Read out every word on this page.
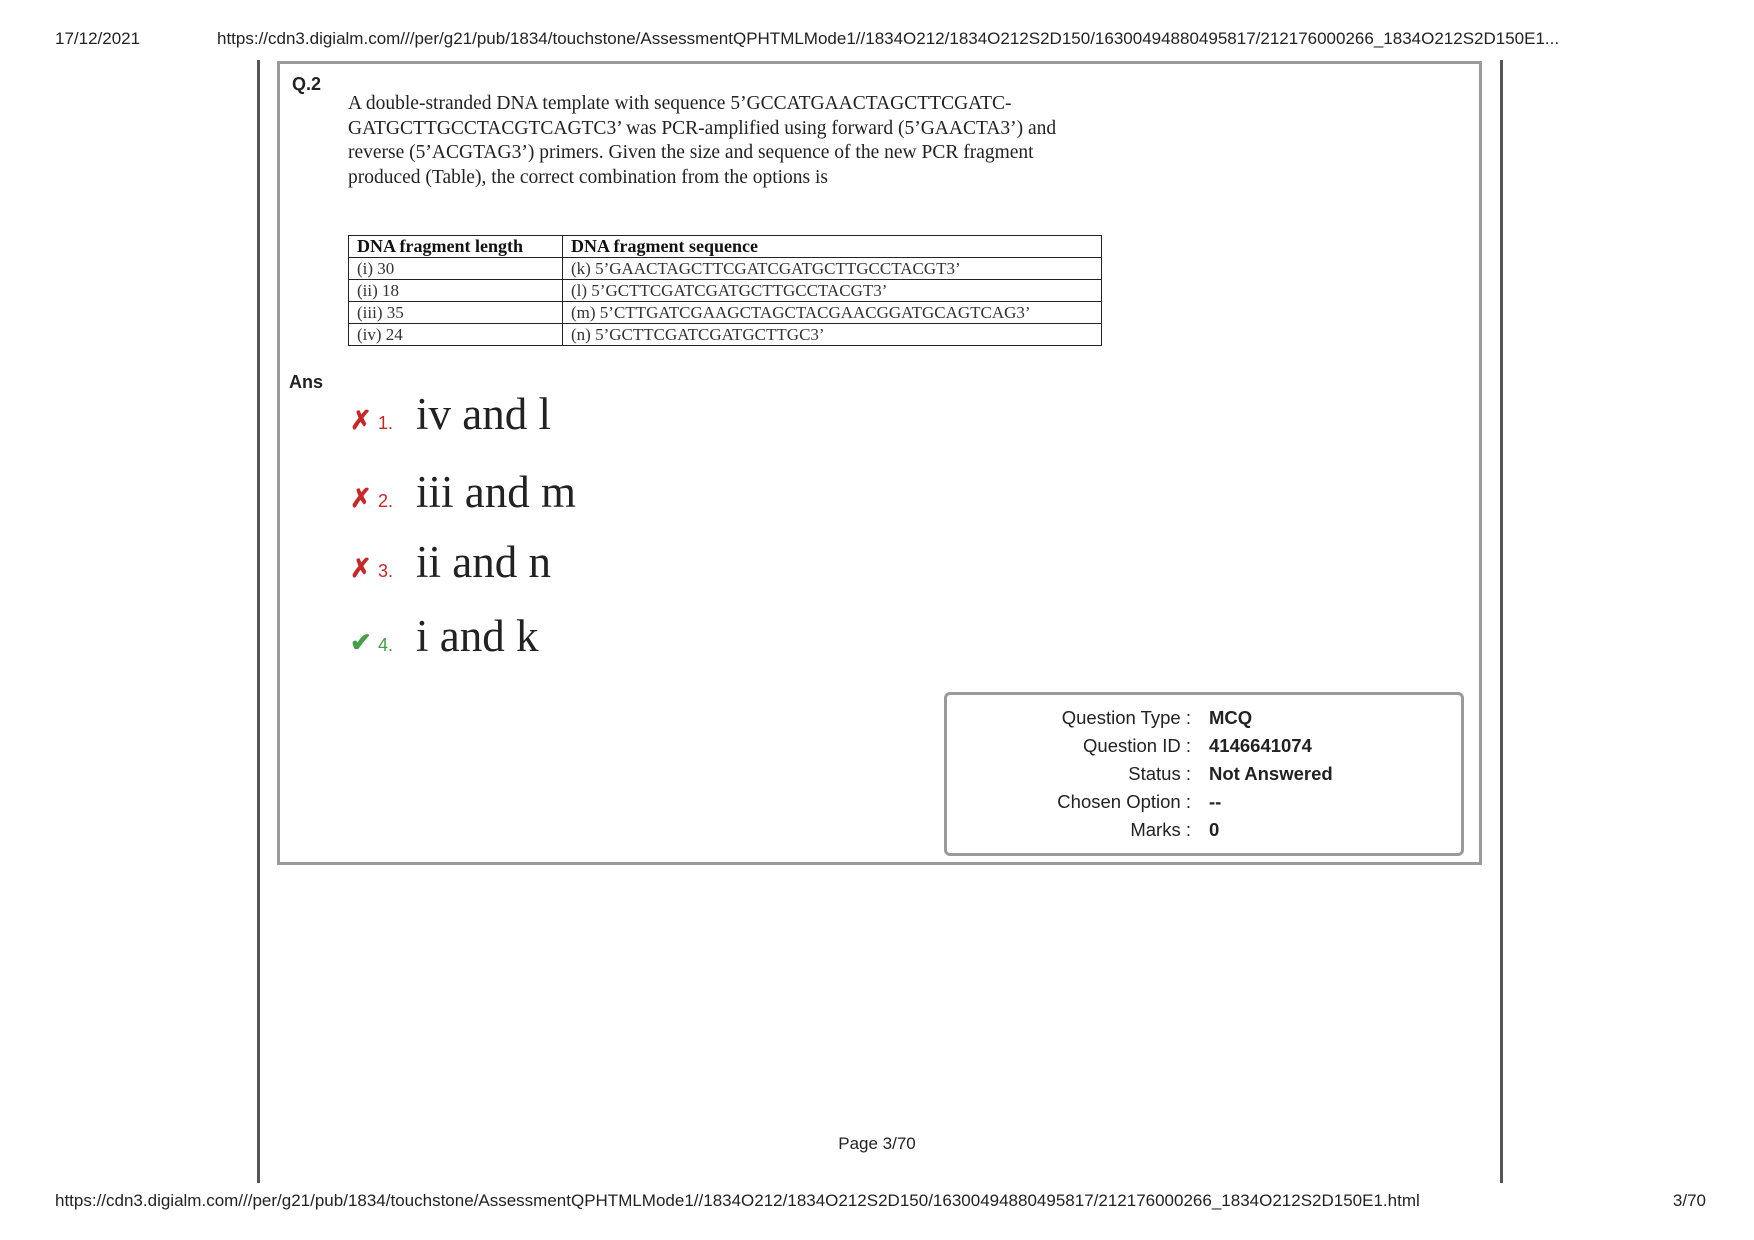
17/12/2021	https://cdn3.digialm.com///per/g21/pub/1834/touchstone/AssessmentQPHTMLMode1//1834O212/1834O212S2D150/16300494880495817/212176000266_1834O212S2D150E1...
Q.2
A double-stranded DNA template with sequence 5’GCCATGAACTAGCTTCGATC-GATGCTTGCCTACGTCAGTC3’ was PCR-amplified using forward (5’GAACTA3’) and reverse (5’ACGTAG3’) primers. Given the size and sequence of the new PCR fragment produced (Table), the correct combination from the options is
DNA fragment length	DNA fragment sequence
(i) 30	(k) 5’GAACTAGCTTCGATCGATGCTTGCCTACGT3’
(ii) 18	(l) 5’GCTTCGATCGATGCTTGCCTACGT3’
(iii) 35	(m) 5’CTTGATCGAAGCTAGCTACGAACGGATGCAGTCAG3’
(iv) 24	(n) 5’GCTTCGATCGATGCTTGC3’
Ans
✗ 1. iv and l
✗ 2. iii and m
✗ 3. ii and n
✔ 4. i and k
Question Type : MCQ
Question ID : 4146641074
Status : Not Answered
Chosen Option : --
Marks : 0
Page 3/70
https://cdn3.digialm.com///per/g21/pub/1834/touchstone/AssessmentQPHTMLMode1//1834O212/1834O212S2D150/16300494880495817/212176000266_1834O212S2D150E1.html	3/70
